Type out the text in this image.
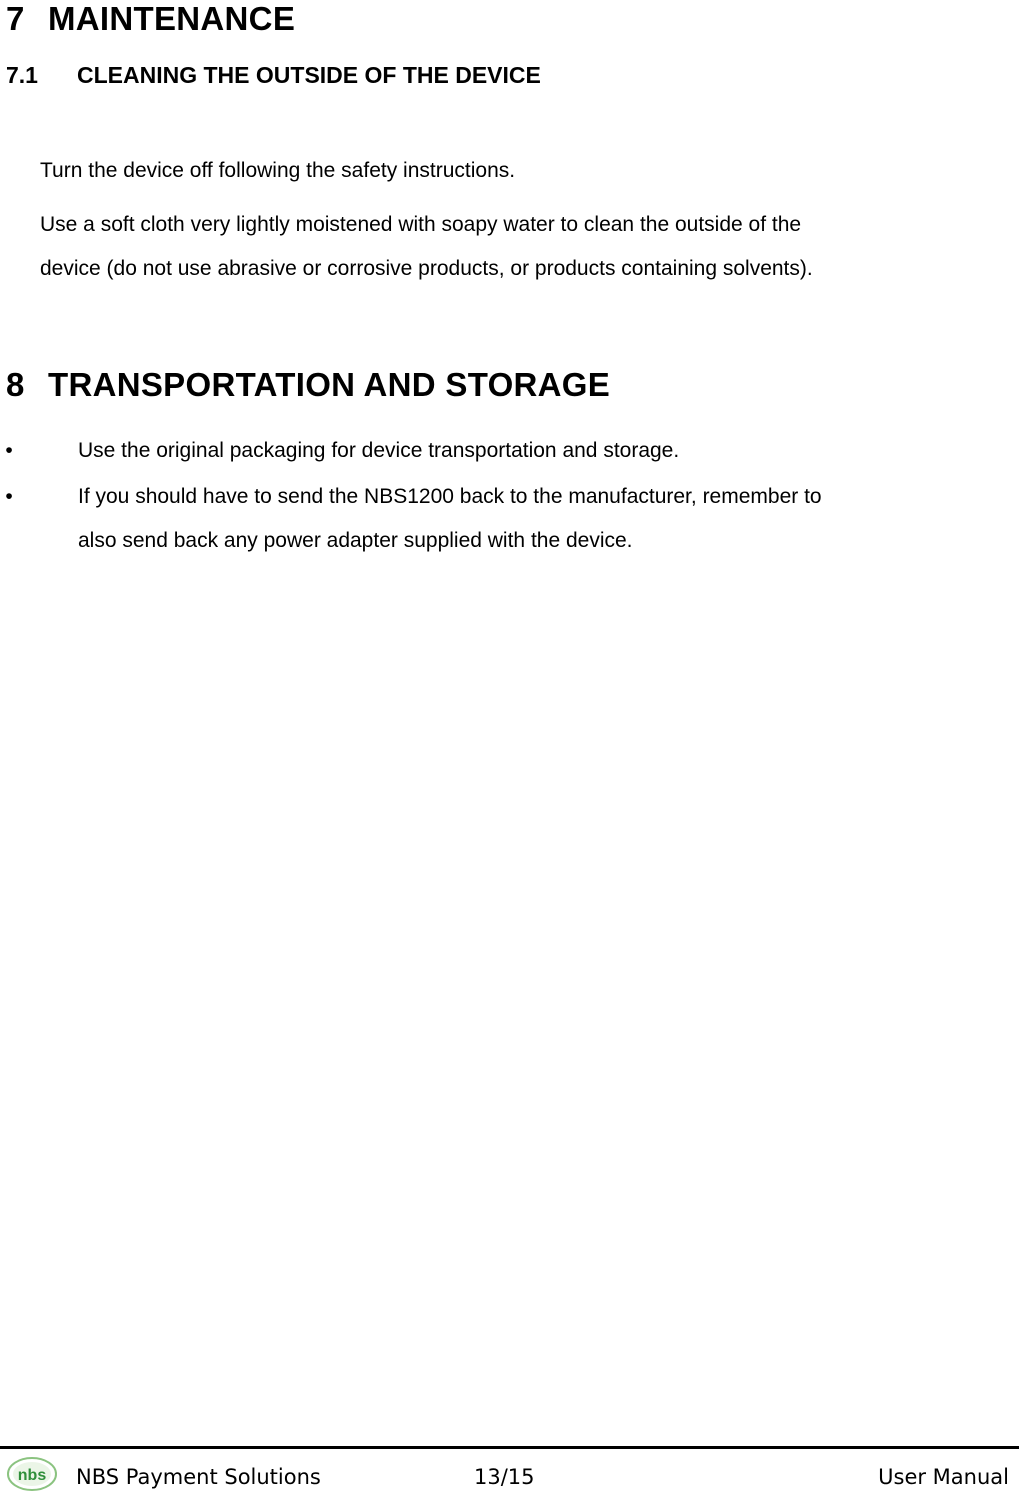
7 MAINTENANCE
7.1 CLEANING THE OUTSIDE OF THE DEVICE

Turn the device off following the safety instructions.

Use a soft cloth very lightly moistened with soapy water to clean the outside of the

device (do not use abrasive or corrosive products, or products containing solvents).

8 TRANSPORTATION AND STORAGE
•	Use the original packaging for device transportation and storage.
•	If you should have to send the NBS1200 back to the manufacturer, remember to
also send back any power adapter supplied with the device.
nbs NBS Payment Solutions	13/15	User Manual
